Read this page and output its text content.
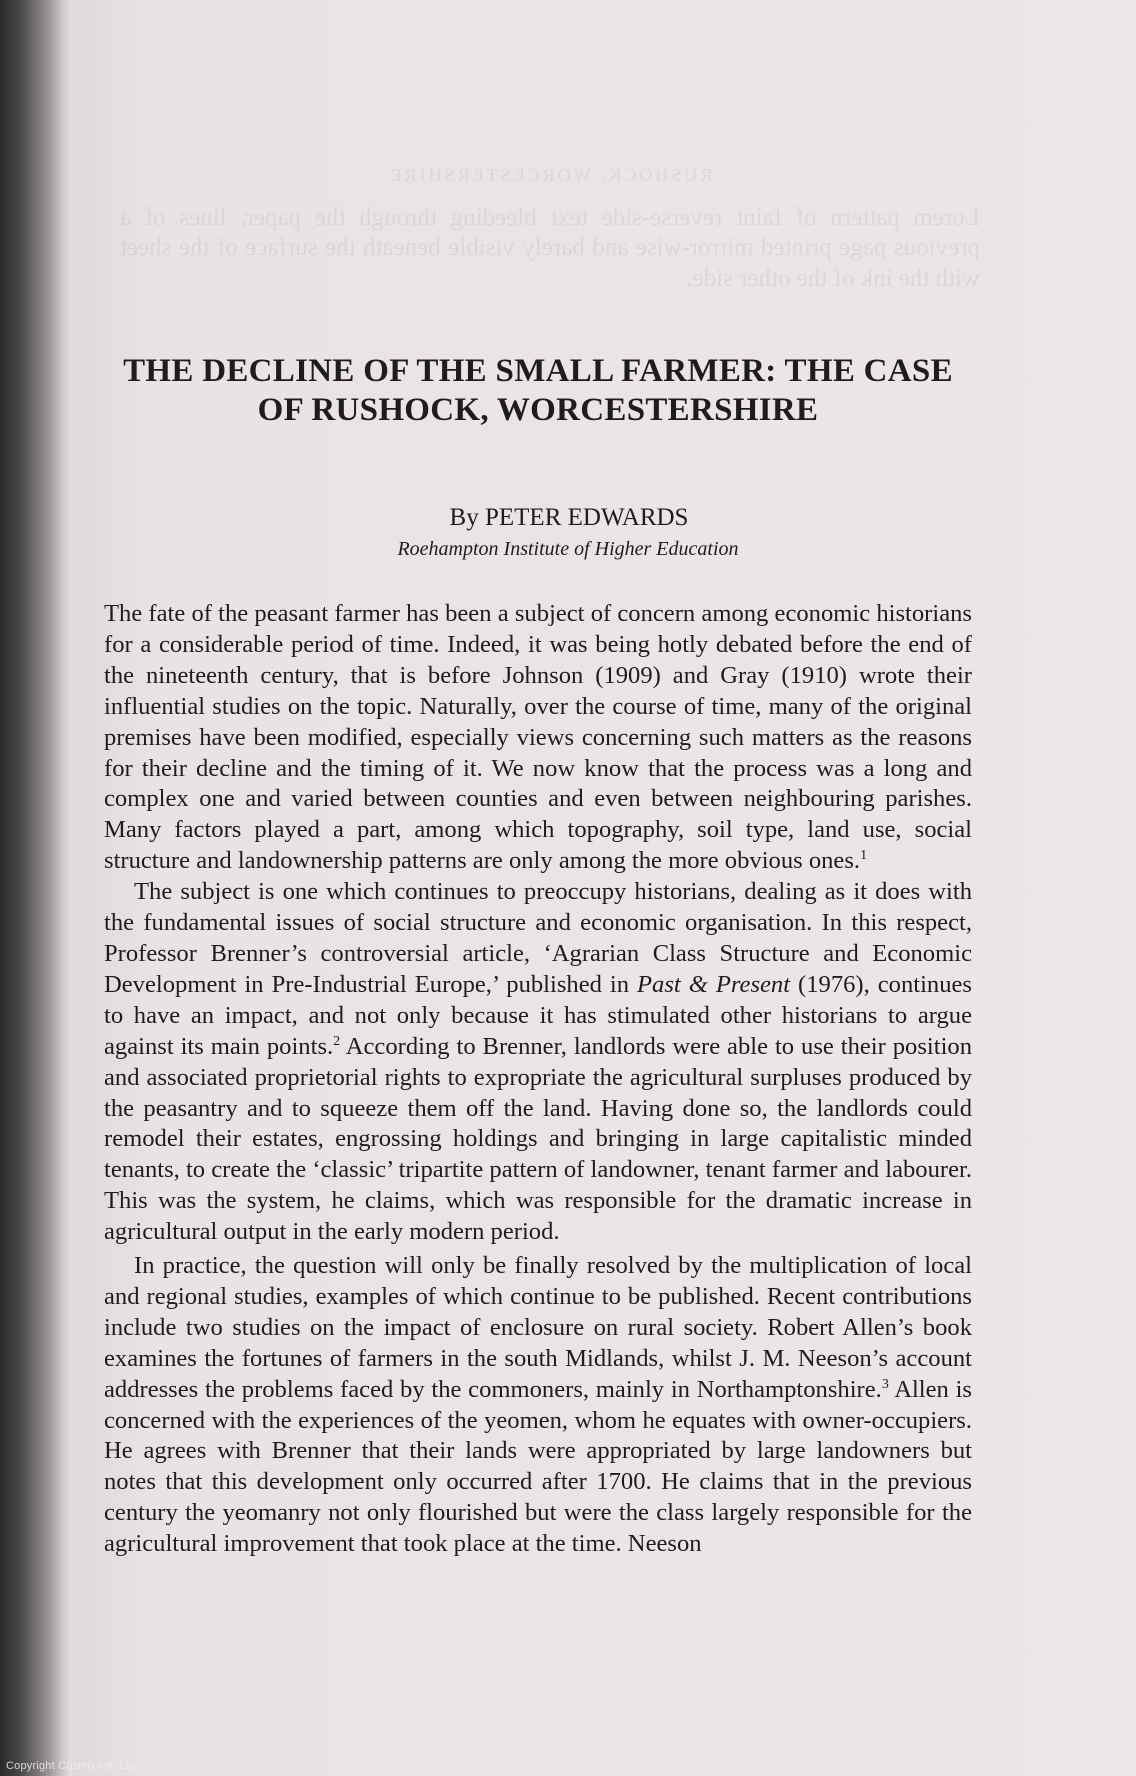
THE DECLINE OF THE SMALL FARMER: THE CASE OF RUSHOCK, WORCESTERSHIRE
By PETER EDWARDS
Roehampton Institute of Higher Education

The fate of the peasant farmer has been a subject of concern among economic historians for a considerable period of time. Indeed, it was being hotly debated before the end of the nineteenth century, that is before Johnson (1909) and Gray (1910) wrote their influential studies on the topic. Naturally, over the course of time, many of the original premises have been modified, especially views concerning such matters as the reasons for their decline and the timing of it. We now know that the process was a long and complex one and varied between counties and even between neighbouring parishes. Many factors played a part, among which topography, soil type, land use, social structure and landownership patterns are only among the more obvious ones.$^1$

The subject is one which continues to preoccupy historians, dealing as it does with the fundamental issues of social structure and economic organisation. In this respect, Professor Brenner’s controversial article, ‘Agrarian Class Structure and Economic Development in Pre-Industrial Europe,’ published in Past & Present (1976), continues to have an impact, and not only because it has stimulated other historians to argue against its main points.$^2$ According to Brenner, landlords were able to use their position and associated proprietorial rights to expropriate the agricultural surpluses produced by the peasantry and to squeeze them off the land. Having done so, the landlords could remodel their estates, engrossing holdings and bringing in large capitalistic minded tenants, to create the ‘classic’ tripartite pattern of landowner, tenant farmer and labourer. This was the system, he claims, which was responsible for the dramatic increase in agricultural output in the early modern period.

In practice, the question will only be finally resolved by the multiplication of local and regional studies, examples of which continue to be published. Recent contributions include two studies on the impact of enclosure on rural society. Robert Allen’s book examines the fortunes of farmers in the south Midlands, whilst J. M. Neeson’s account addresses the problems faced by the commoners, mainly in Northamptonshire.$^3$ Allen is concerned with the experiences of the yeomen, whom he equates with owner-occupiers. He agrees with Brenner that their lands were appropriated by large landowners but notes that this development only occurred after 1700. He claims that in the previous century the yeomanry not only flourished but were the class largely responsible for the agricultural improvement that took place at the time. Neeson

Copyright Cosmo Intl. Ltd
